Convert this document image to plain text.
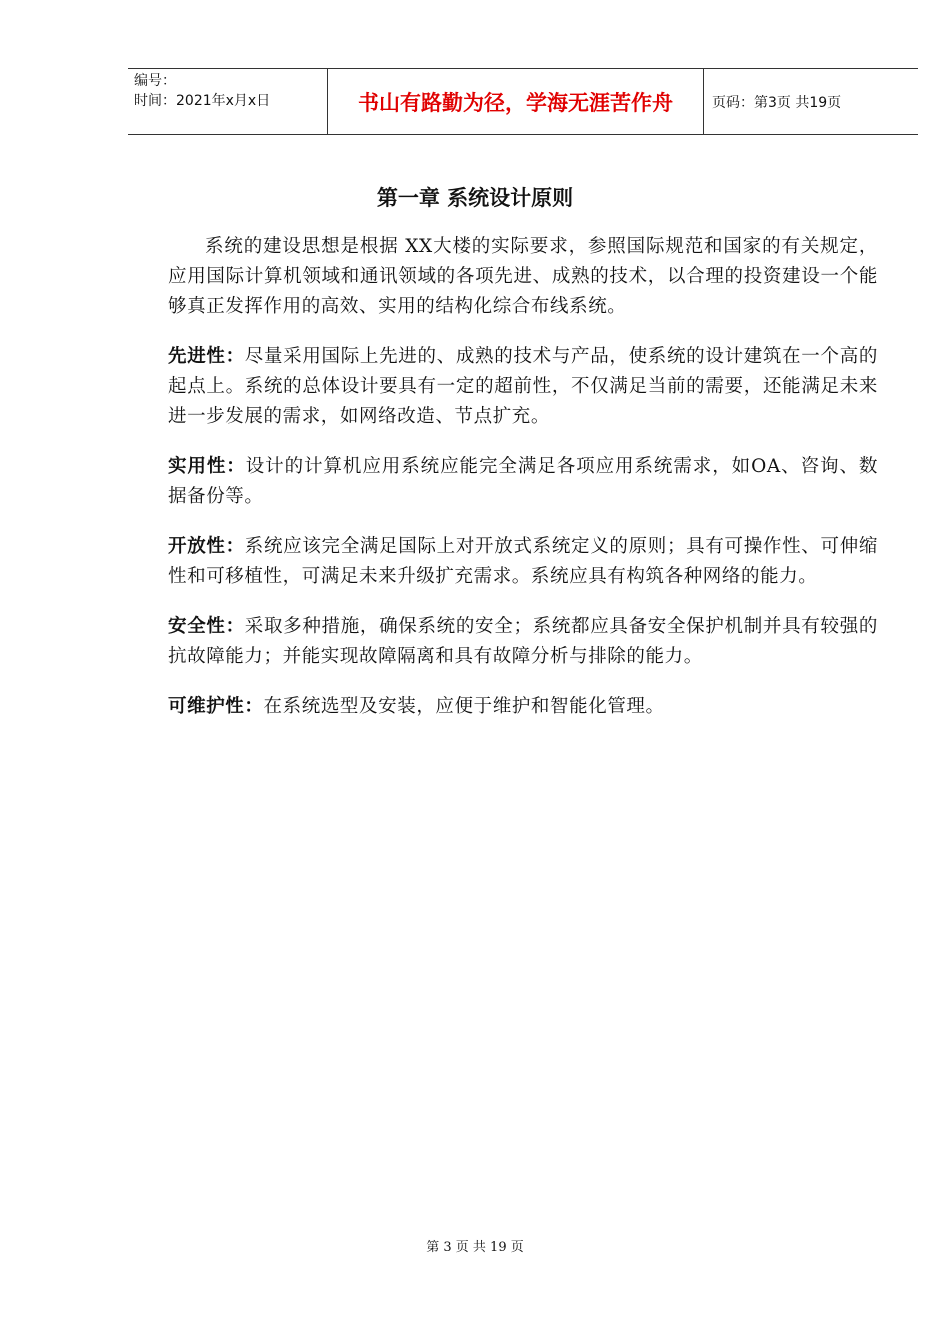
编号：
时间：2021年x月x日	书山有路勤为径，学海无涯苦作舟	页码：第3页 共19页
第一章 系统设计原则

系统的建设思想是根据 XX大楼的实际要求，参照国际规范和国家的有关规定，应用国际计算机领域和通讯领域的各项先进、成熟的技术，以合理的投资建设一个能够真正发挥作用的高效、实用的结构化综合布线系统。

先进性：尽量采用国际上先进的、成熟的技术与产品，使系统的设计建筑在一个高的起点上。系统的总体设计要具有一定的超前性，不仅满足当前的需要，还能满足未来进一步发展的需求，如网络改造、节点扩充。

实用性：设计的计算机应用系统应能完全满足各项应用系统需求，如OA、咨询、数据备份等。

开放性：系统应该完全满足国际上对开放式系统定义的原则；具有可操作性、可伸缩性和可移植性，可满足未来升级扩充需求。系统应具有构筑各种网络的能力。

安全性：采取多种措施，确保系统的安全；系统都应具备安全保护机制并具有较强的抗故障能力；并能实现故障隔离和具有故障分析与排除的能力。

可维护性：在系统选型及安装，应便于维护和智能化管理。

第 3 页 共 19 页
